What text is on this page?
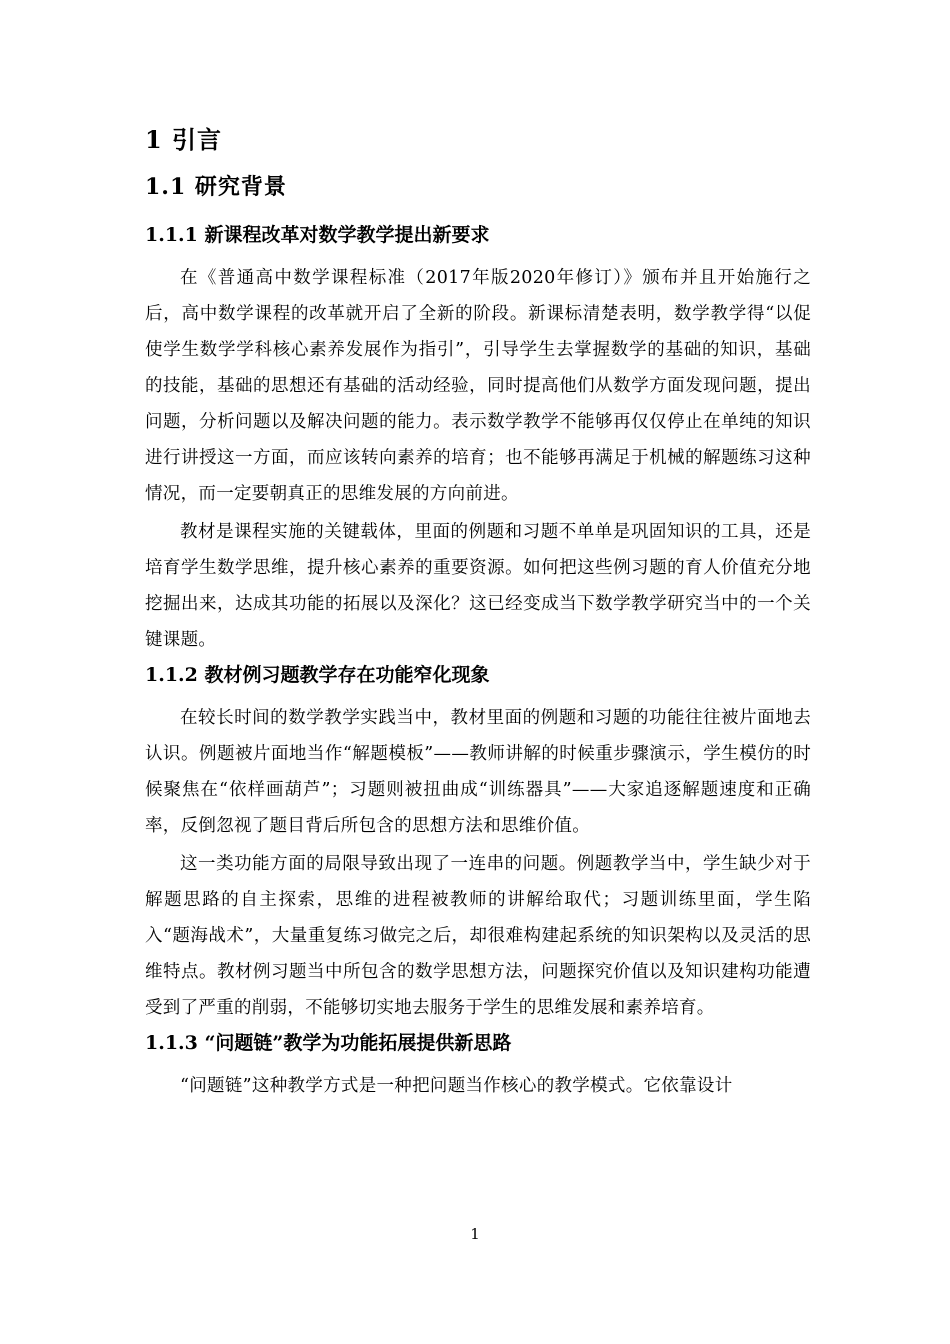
1 引言
1.1 研究背景
1.1.1 新课程改革对数学教学提出新要求

在《普通高中数学课程标准（2017年版2020年修订）》颁布并且开始施行之后，高中数学课程的改革就开启了全新的阶段。新课标清楚表明，数学教学得“以促使学生数学学科核心素养发展作为指引”，引导学生去掌握数学的基础的知识，基础的技能，基础的思想还有基础的活动经验，同时提高他们从数学方面发现问题，提出问题，分析问题以及解决问题的能力。表示数学教学不能够再仅仅停止在单纯的知识进行讲授这一方面，而应该转向素养的培育；也不能够再满足于机械的解题练习这种情况，而一定要朝真正的思维发展的方向前进。

教材是课程实施的关键载体，里面的例题和习题不单单是巩固知识的工具，还是培育学生数学思维，提升核心素养的重要资源。如何把这些例习题的育人价值充分地挖掘出来，达成其功能的拓展以及深化？这已经变成当下数学教学研究当中的一个关键课题。

1.1.2 教材例习题教学存在功能窄化现象

在较长时间的数学教学实践当中，教材里面的例题和习题的功能往往被片面地去认识。例题被片面地当作“解题模板”——教师讲解的时候重步骤演示，学生模仿的时候聚焦在“依样画葫芦”；习题则被扭曲成“训练器具”——大家追逐解题速度和正确率，反倒忽视了题目背后所包含的思想方法和思维价值。

这一类功能方面的局限导致出现了一连串的问题。例题教学当中，学生缺少对于解题思路的自主探索，思维的进程被教师的讲解给取代；习题训练里面，学生陷入“题海战术”，大量重复练习做完之后，却很难构建起系统的知识架构以及灵活的思维特点。教材例习题当中所包含的数学思想方法，问题探究价值以及知识建构功能遭受到了严重的削弱，不能够切实地去服务于学生的思维发展和素养培育。

1.1.3 “问题链”教学为功能拓展提供新思路

“问题链”这种教学方式是一种把问题当作核心的教学模式。它依靠设计

1
